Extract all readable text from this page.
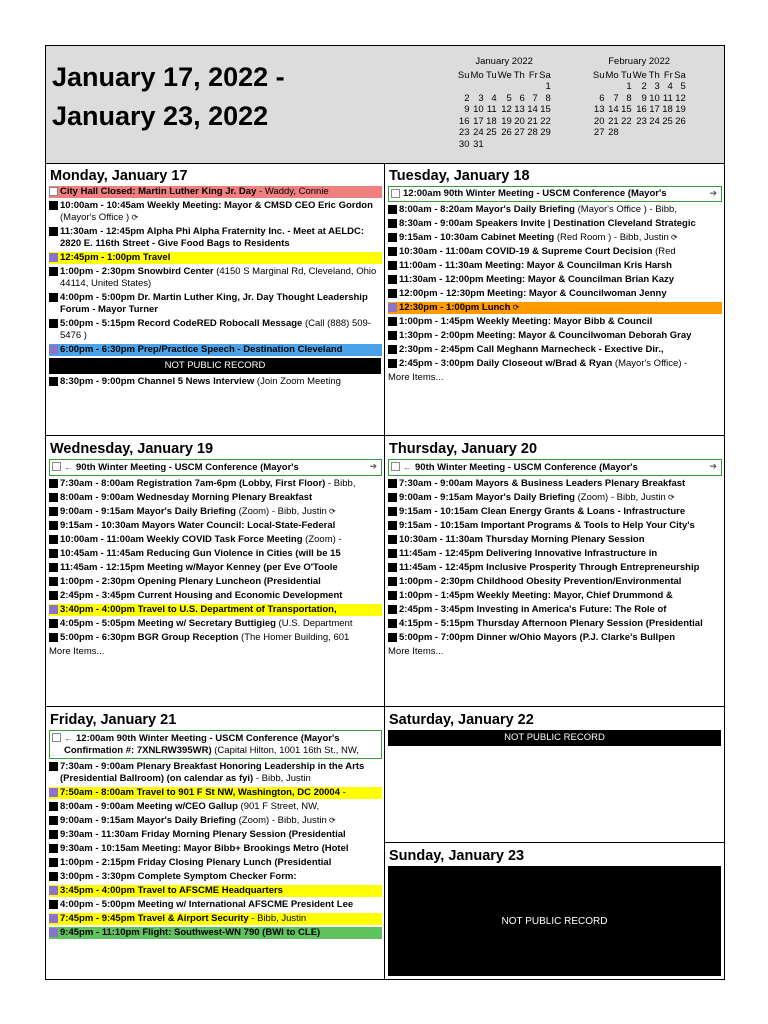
January 17, 2022 -
January 23, 2022
January 2022
Su	Mo	Tu	We	Th	Fr	Sa
						1
2	3	4	5	6	7	8
9	10	11	12	13	14	15
16	17	18	19	20	21	22
23	24	25	26	27	28	29
30	31					
February 2022
Su	Mo	Tu	We	Th	Fr	Sa
		1	2	3	4	5
6	7	8	9	10	11	12
13	14	15	16	17	18	19
20	21	22	23	24	25	26
27	28					
Monday, January 17
City Hall Closed: Martin Luther King Jr. Day - Waddy, Connie
10:00am - 10:45am Weekly Meeting: Mayor & CMSD CEO Eric Gordon (Mayor's Office ) ⟳
11:30am - 12:45pm Alpha Phi Alpha Fraternity Inc. - Meet at AELDC: 2820 E. 116th Street - Give Food Bags to Residents
12:45pm - 1:00pm Travel
1:00pm - 2:30pm Snowbird Center (4150 S Marginal Rd, Cleveland, Ohio 44114, United States)
4:00pm - 5:00pm Dr. Martin Luther King, Jr. Day Thought Leadership Forum - Mayor Turner
5:00pm - 5:15pm Record CodeRED Robocall Message (Call (888) 509-5476 )
6:00pm - 6:30pm Prep/Practice Speech - Destination Cleveland
NOT PUBLIC RECORD
8:30pm - 9:00pm Channel 5 News Interview (Join Zoom Meeting
Tuesday, January 18
12:00am 90th Winter Meeting - USCM Conference (Mayor's	➔
8:00am - 8:20am Mayor's Daily Briefing (Mayor's Office ) - Bibb,
8:30am - 9:00am Speakers Invite | Destination Cleveland Strategic
9:15am - 10:30am Cabinet Meeting (Red Room ) - Bibb, Justin ⟳
10:30am - 11:00am COVID-19 & Supreme Court Decision (Red
11:00am - 11:30am Meeting: Mayor & Councilman Kris Harsh
11:30am - 12:00pm Meeting: Mayor & Councilman Brian Kazy
12:00pm - 12:30pm Meeting: Mayor & Councilwoman Jenny
12:30pm - 1:00pm Lunch ⟳
1:00pm - 1:45pm Weekly Meeting: Mayor Bibb & Council
1:30pm - 2:00pm Meeting: Mayor & Councilwoman Deborah Gray
2:30pm - 2:45pm Call Meghann Marnecheck - Exective Dir.,
2:45pm - 3:00pm Daily Closeout w/Brad & Ryan (Mayor's Office) -
More Items...
Wednesday, January 19
← 90th Winter Meeting - USCM Conference (Mayor's	➔
7:30am - 8:00am Registration 7am-6pm (Lobby, First Floor) - Bibb,
8:00am - 9:00am Wednesday Morning Plenary Breakfast
9:00am - 9:15am Mayor's Daily Briefing (Zoom) - Bibb, Justin ⟳
9:15am - 10:30am Mayors Water Council: Local-State-Federal
10:00am - 11:00am Weekly COVID Task Force Meeting (Zoom) -
10:45am - 11:45am Reducing Gun Violence in Cities (will be 15
11:45am - 12:15pm Meeting w/Mayor Kenney (per Eve O'Toole
1:00pm - 2:30pm Opening Plenary Luncheon (Presidential
2:45pm - 3:45pm Current Housing and Economic Development
3:40pm - 4:00pm Travel to U.S. Department of Transportation,
4:05pm - 5:05pm Meeting w/ Secretary Buttigieg (U.S. Department
5:00pm - 6:30pm BGR Group Reception (The Homer Building, 601
More Items...
Thursday, January 20
← 90th Winter Meeting - USCM Conference (Mayor's	➔
7:30am - 9:00am Mayors & Business Leaders Plenary Breakfast
9:00am - 9:15am Mayor's Daily Briefing (Zoom) - Bibb, Justin ⟳
9:15am - 10:15am Clean Energy Grants & Loans - Infrastructure
9:15am - 10:15am Important Programs & Tools to Help Your City's
10:30am - 11:30am Thursday Morning Plenary Session
11:45am - 12:45pm Delivering Innovative Infrastructure in
11:45am - 12:45pm Inclusive Prosperity Through Entrepreneurship
1:00pm - 2:30pm Childhood Obesity Prevention/Environmental
1:00pm - 1:45pm Weekly Meeting: Mayor, Chief Drummond &
2:45pm - 3:45pm Investing in America's Future: The Role of
4:15pm - 5:15pm Thursday Afternoon Plenary Session (Presidential
5:00pm - 7:00pm Dinner w/Ohio Mayors (P.J. Clarke's Bullpen
More Items...
Friday, January 21
← 12:00am 90th Winter Meeting - USCM Conference (Mayor's Confirmation #: 7XNLRW395WR) (Capital Hilton, 1001 16th St., NW,
7:30am - 9:00am Plenary Breakfast Honoring Leadership in the Arts (Presidential Ballroom) (on calendar as fyi) - Bibb, Justin
7:50am - 8:00am Travel to 901 F St NW, Washington, DC 20004 -
8:00am - 9:00am Meeting w/CEO Gallup (901 F Street, NW,
9:00am - 9:15am Mayor's Daily Briefing (Zoom) - Bibb, Justin ⟳
9:30am - 11:30am Friday Morning Plenary Session (Presidential
9:30am - 10:15am Meeting: Mayor Bibb+ Brookings Metro (Hotel
1:00pm - 2:15pm Friday Closing Plenary Lunch (Presidential
3:00pm - 3:30pm Complete Symptom Checker Form:
3:45pm - 4:00pm Travel to AFSCME Headquarters
4:00pm - 5:00pm Meeting w/ International AFSCME President Lee
7:45pm - 9:45pm Travel & Airport Security - Bibb, Justin
9:45pm - 11:10pm Flight: Southwest-WN 790 (BWI to CLE)
Saturday, January 22
NOT PUBLIC RECORD
Sunday, January 23
NOT PUBLIC RECORD
